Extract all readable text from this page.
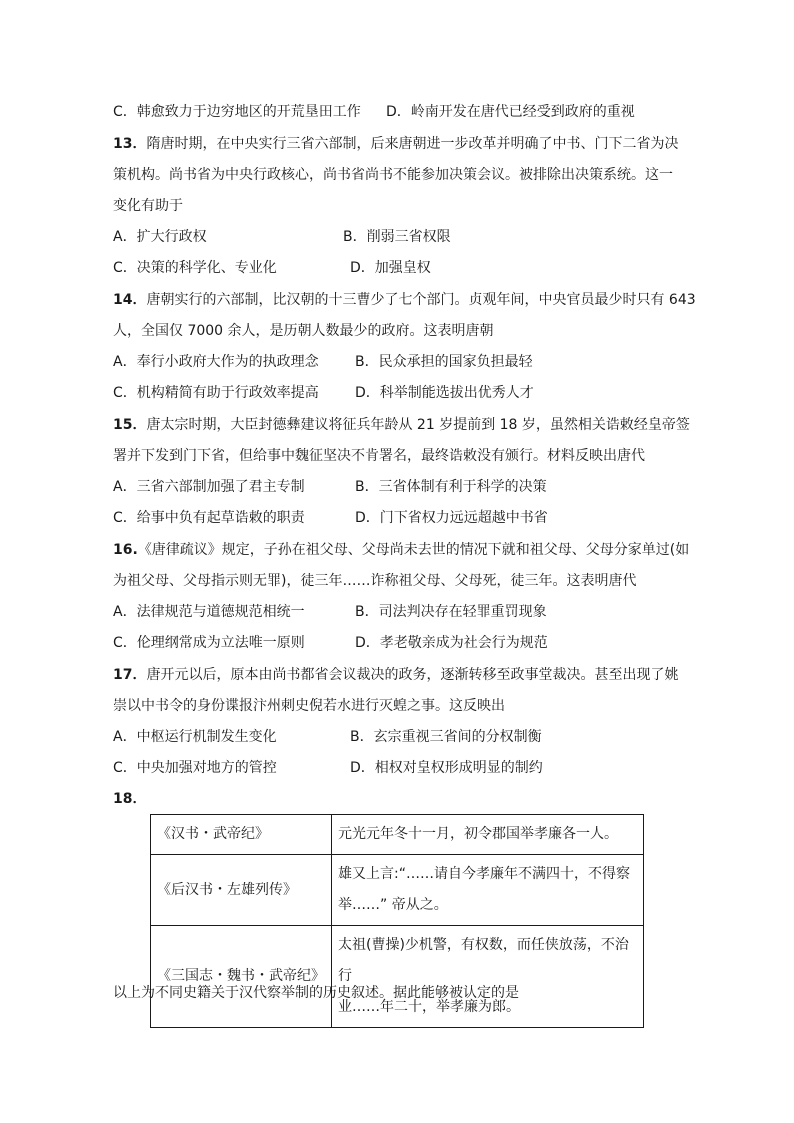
C．韩愈致力于边穷地区的开荒垦田工作 D．岭南开发在唐代已经受到政府的重视
13．隋唐时期，在中央实行三省六部制，后来唐朝进一步改革并明确了中书、门下二省为决
策机构。尚书省为中央行政核心，尚书省尚书不能参加决策会议。被排除出决策系统。这一
变化有助于
A．扩大行政权	B．削弱三省权限
C．决策的科学化、专业化	D．加强皇权
14．唐朝实行的六部制，比汉朝的十三曹少了七个部门。贞观年间，中央官员最少时只有 643
人，全国仅 7000 余人，是历朝人数最少的政府。这表明唐朝
A．奉行小政府大作为的执政理念	B．民众承担的国家负担最轻
C．机构精简有助于行政效率提高	D．科举制能选拔出优秀人才
15．唐太宗时期，大臣封德彝建议将征兵年龄从 21 岁提前到 18 岁，虽然相关诰敕经皇帝签
署并下发到门下省，但给事中魏征坚决不肯署名，最终诰敕没有颁行。材料反映出唐代
A．三省六部制加强了君主专制	B．三省体制有利于科学的决策
C．给事中负有起草诰敕的职责	D．门下省权力远远超越中书省
16.《唐律疏议》规定，子孙在祖父母、父母尚未去世的情况下就和祖父母、父母分家单过(如
为祖父母、父母指示则无罪)，徒三年……诈称祖父母、父母死，徒三年。这表明唐代
A．法律规范与道德规范相统一	B．司法判决存在轻罪重罚现象
C．伦理纲常成为立法唯一原则	D．孝老敬亲成为社会行为规范
17．唐开元以后，原本由尚书都省会议裁决的政务，逐渐转移至政事堂裁决。甚至出现了姚
崇以中书令的身份谍报汴州刺史倪若水进行灭蝗之事。这反映出
A．中枢运行机制发生变化	B．玄宗重视三省间的分权制衡
C．中央加强对地方的管控	D．相权对皇权形成明显的制约
18．
《汉书・武帝纪》	元光元年冬十一月，初令郡国举孝廉各一人。
《后汉书・左雄列传》	雄又上言:“……请自今孝廉年不满四十，不得察
举……” 帝从之。
《三国志・魏书・武帝纪》	太祖(曹操)少机警，有权数，而任侠放荡，不治行
业……年二十，举孝廉为郎。
以上为不同史籍关于汉代察举制的历史叙述。据此能够被认定的是
